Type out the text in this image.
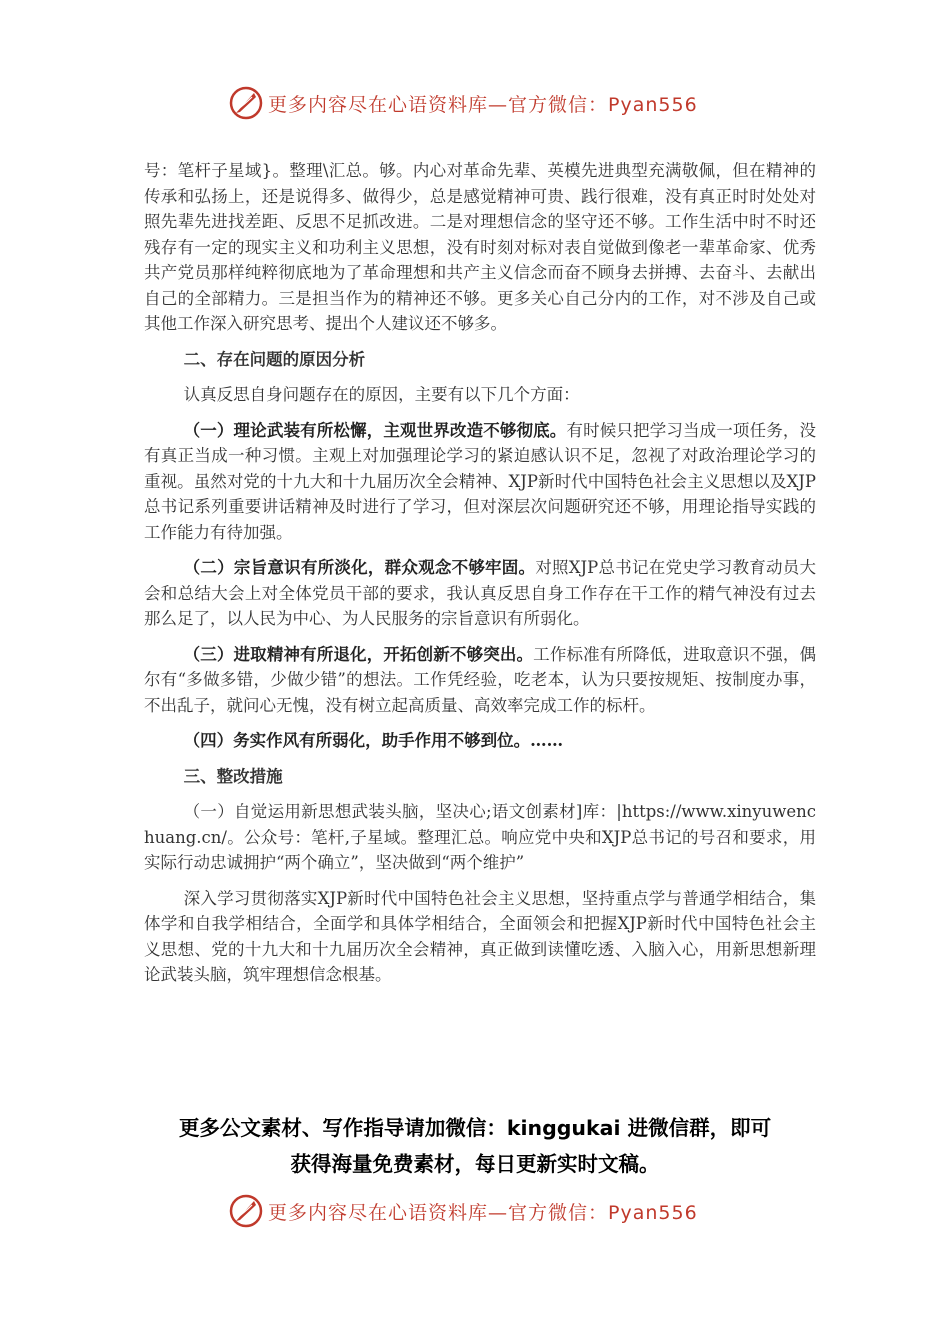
更多内容尽在心语资料库—官方微信：Pyan556

号：笔杆子星域}。整理\汇总。够。内心对革命先辈、英模先进典型充满敬佩，但在精神的传承和弘扬上，还是说得多、做得少，总是感觉精神可贵、践行很难，没有真正时时处处对照先辈先进找差距、反思不足抓改进。二是对理想信念的坚守还不够。工作生活中时不时还残存有一定的现实主义和功利主义思想，没有时刻对标对表自觉做到像老一辈革命家、优秀共产党员那样纯粹彻底地为了革命理想和共产主义信念而奋不顾身去拼搏、去奋斗、去献出自己的全部精力。三是担当作为的精神还不够。更多关心自己分内的工作，对不涉及自己或其他工作深入研究思考、提出个人建议还不够多。

二、存在问题的原因分析

认真反思自身问题存在的原因，主要有以下几个方面：

（一）理论武装有所松懈，主观世界改造不够彻底。有时候只把学习当成一项任务，没有真正当成一种习惯。主观上对加强理论学习的紧迫感认识不足，忽视了对政治理论学习的重视。虽然对党的十九大和十九届历次全会精神、XJP新时代中国特色社会主义思想以及XJP总书记系列重要讲话精神及时进行了学习，但对深层次问题研究还不够，用理论指导实践的工作能力有待加强。

（二）宗旨意识有所淡化，群众观念不够牢固。对照XJP总书记在党史学习教育动员大会和总结大会上对全体党员干部的要求，我认真反思自身工作存在干工作的精气神没有过去那么足了，以人民为中心、为人民服务的宗旨意识有所弱化。

（三）进取精神有所退化，开拓创新不够突出。工作标准有所降低，进取意识不强，偶尔有“多做多错，少做少错”的想法。工作凭经验，吃老本，认为只要按规矩、按制度办事，不出乱子，就问心无愧，没有树立起高质量、高效率完成工作的标杆。

（四）务实作风有所弱化，助手作用不够到位。……

三、整改措施

（一）自觉运用新思想武装头脑，坚决心;语文创素材]库：|https://www.xinyuwenchuang.cn/。公众号：笔杆,子星域。整理汇总。响应党中央和XJP总书记的号召和要求，用实际行动忠诚拥护“两个确立”，坚决做到“两个维护”

深入学习贯彻落实XJP新时代中国特色社会主义思想，坚持重点学与普通学相结合，集体学和自我学相结合，全面学和具体学相结合，全面领会和把握XJP新时代中国特色社会主义思想、党的十九大和十九届历次全会精神，真正做到读懂吃透、入脑入心，用新思想新理论武装头脑，筑牢理想信念根基。

更多公文素材、写作指导请加微信：kinggukai 进微信群，即可
获得海量免费素材，每日更新实时文稿。
更多内容尽在心语资料库—官方微信：Pyan556
